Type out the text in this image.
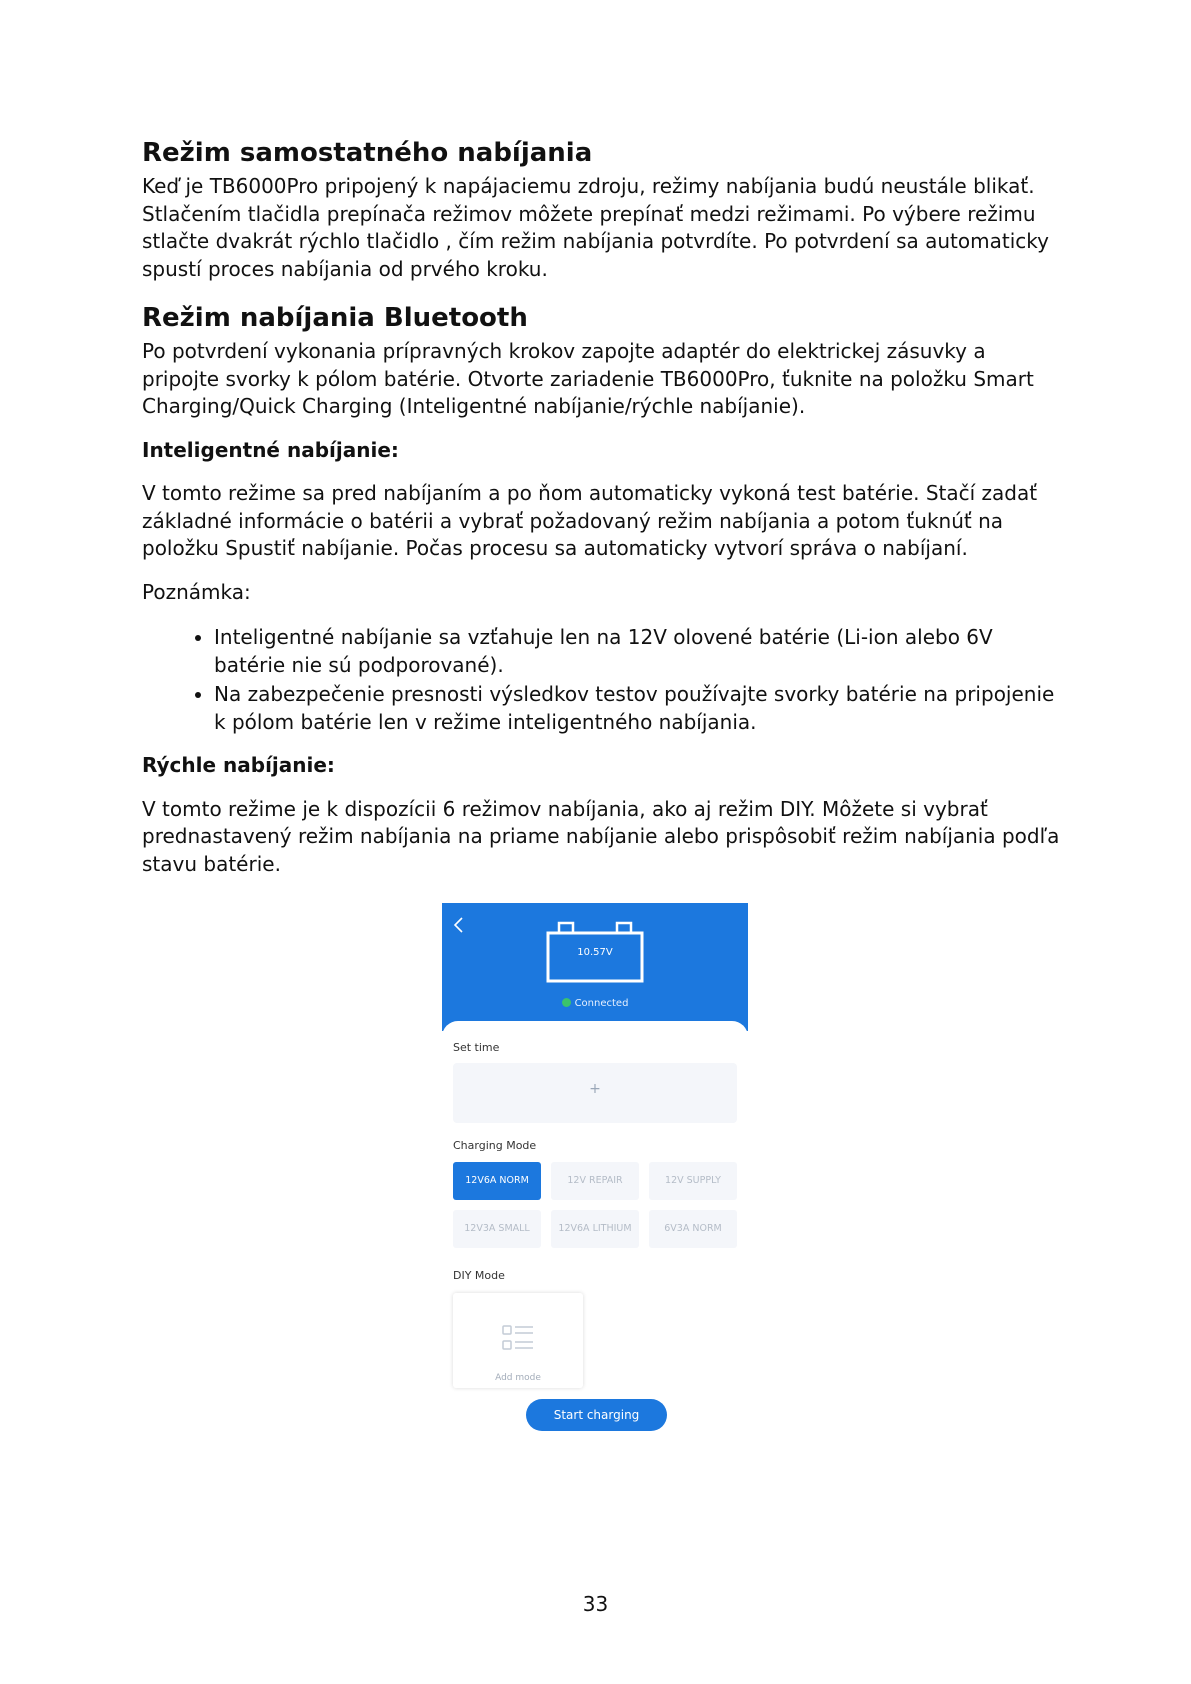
Režim samostatného nabíjania

Keď je TB6000Pro pripojený k napájaciemu zdroju, režimy nabíjania budú neustále blikať. Stlačením tlačidla prepínača režimov môžete prepínať medzi režimami. Po výbere režimu stlačte dvakrát rýchlo tlačidlo , čím režim nabíjania potvrdíte. Po potvrdení sa automaticky spustí proces nabíjania od prvého kroku.

Režim nabíjania Bluetooth

Po potvrdení vykonania prípravných krokov zapojte adaptér do elektrickej zásuvky a pripojte svorky k pólom batérie. Otvorte zariadenie TB6000Pro, ťuknite na položku Smart Charging/Quick Charging (Inteligentné nabíjanie/rýchle nabíjanie).

Inteligentné nabíjanie:

V tomto režime sa pred nabíjaním a po ňom automaticky vykoná test batérie. Stačí zadať základné informácie o batérii a vybrať požadovaný režim nabíjania a potom ťuknúť na položku Spustiť nabíjanie. Počas procesu sa automaticky vytvorí správa o nabíjaní.

Poznámka:

• Inteligentné nabíjanie sa vzťahuje len na 12V olovené batérie (Li-ion alebo 6V batérie nie sú podporované).
• Na zabezpečenie presnosti výsledkov testov používajte svorky batérie na pripojenie k pólom batérie len v režime inteligentného nabíjania.
Rýchle nabíjanie:

V tomto režime je k dispozícii 6 režimov nabíjania, ako aj režim DIY. Môžete si vybrať prednastavený režim nabíjania na priame nabíjanie alebo prispôsobiť režim nabíjania podľa stavu batérie.

10.57V
Connected
Set time
+
Charging Mode
12V6A NORM	12V REPAIR	12V SUPPLY
12V3A SMALL	12V6A LITHIUM	6V3A NORM
DIY Mode
Add mode
Start charging
33
